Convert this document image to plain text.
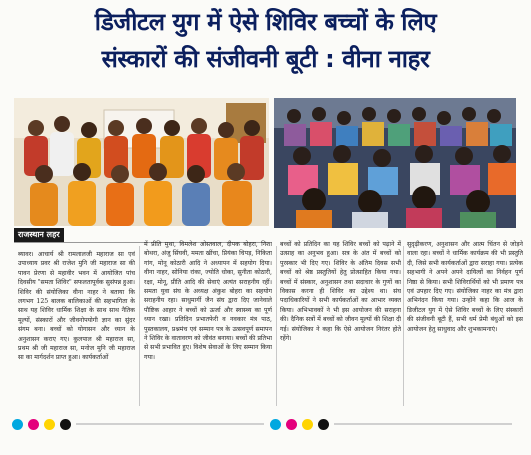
डिजीटल युग में ऐसे शिविर बच्चों के लिए
संस्कारों की संजीवनी बूटी : वीना नाहर
राजस्थान लहर

ब्यावर। आचार्य श्री रामलालजी महाराज सा एवं उपाध्याय प्रवर श्री राजेश मुनि जी महाराज सा की पावन प्रेरणा से महावीर भवन में आयोजित पांच दिवसीय "समता शिविर" सफलतापूर्वक सुसंपन्न हुआ। शिविर की संयोजिका वीना नाहर ने बताया कि लगभग 125 बालक बालिकाओं की सहभागिता के साथ यह शिविर धार्मिक शिक्षा के साथ साथ नैतिक मूल्यों, संस्कारों और जीवनोपयोगी ज्ञान का सुंदर संगम बना। बच्चों को योगासन और ध्यान के अनुशासन कराए गए। कुलपाल श्री महाराज सा, प्रथम श्री जी महाराज सा, मनोज मुनि जी महाराज सा का मार्गदर्शन प्राप्त हुआ। कार्यकर्ताओं

में प्रीति मुथा, विमलेश ओस्तवाल, दीपक बोहरा, निशा बोथरा, अंजु सिंघवी, ममता खींचा, प्रियंका चिपड़, निकिता गांग, मोनू कोठारी आदि ने अध्यापन में सहयोग दिया। वीना नाहर, सोनिया रांका, ज्योति धोका, सुनीता कोठारी, रक्षा, मोनू, प्रीति आदि की सेवाएं अत्यंत सराहनीय रहीं। समता युवा संघ के अध्यक्ष अंकुश बोहरा का सहयोग सराहनीय रहा। साधुमार्गी जैन संघ द्वारा दिए जानेवाले पौष्टिक आहार ने बच्चों को ऊर्जा और स्वास्थ्य का पूर्ण ध्यान रखा। प्रतिदिन प्रभातफेरी व नवकार मंत्र पाठ, पुस्तकालय, प्रश्नमंच एवं सम्मान पत्र के उत्सवपूर्ण समापन ने शिविर के वातावरण को जीवंत बनाया। बच्चों की प्रतिभा से सभी प्रभावित हुए। विशेष सेवाओं के लिए सम्मान किया गया।

बच्चों को प्रतिदिन का यह शिविर बच्चों को पढ़ाने में उत्साह का अनुभव हुआ। सत्र के अंत में बच्चों को पुरस्कार भी दिए गए। शिविर के अंतिम दिवस सभी बच्चों को श्रेष्ठ प्रस्तुतियों हेतु प्रोत्साहित किया गया। बच्चों में संस्कार, अनुशासन तथा सदाचार के गुणों का विकास करना ही शिविर का उद्देश्य था। संघ पदाधिकारियों ने सभी कार्यकर्ताओं का आभार व्यक्त किया। अभिभावकों ने भी इस आयोजन की सराहना की। दैनिक सत्रों में बच्चों को जीवन मूल्यों की शिक्षा दी गई। संयोजिका ने कहा कि ऐसे आयोजन निरंतर होते रहेंगे।

सुदृढ़ीकरण, अनुशासन और आत्म चिंतन से जोड़ने वाला रहा। बच्चों ने धार्मिक कार्यक्रम की भी प्रस्तुति दी, जिसे सभी कार्यकर्ताओं द्वारा सराहा गया। प्रत्येक सहभागी ने अपने अपने दायित्वों का निर्वहन पूर्ण निष्ठा से किया। सभी शिविरार्थियों को भी प्रमाण पत्र एवं उपहार दिए गए। संयोजिका नाहर का मंत्र द्वारा अभिनंदन किया गया। उन्होंने कहा कि आज के डिजीटल युग में ऐसे शिविर बच्चों के लिए संस्कारों की संजीवनी बूटी हैं, सभी धर्म प्रेमी बंधुओं को इस आयोजन हेतु साधुवाद और शुभकामनाएं।
